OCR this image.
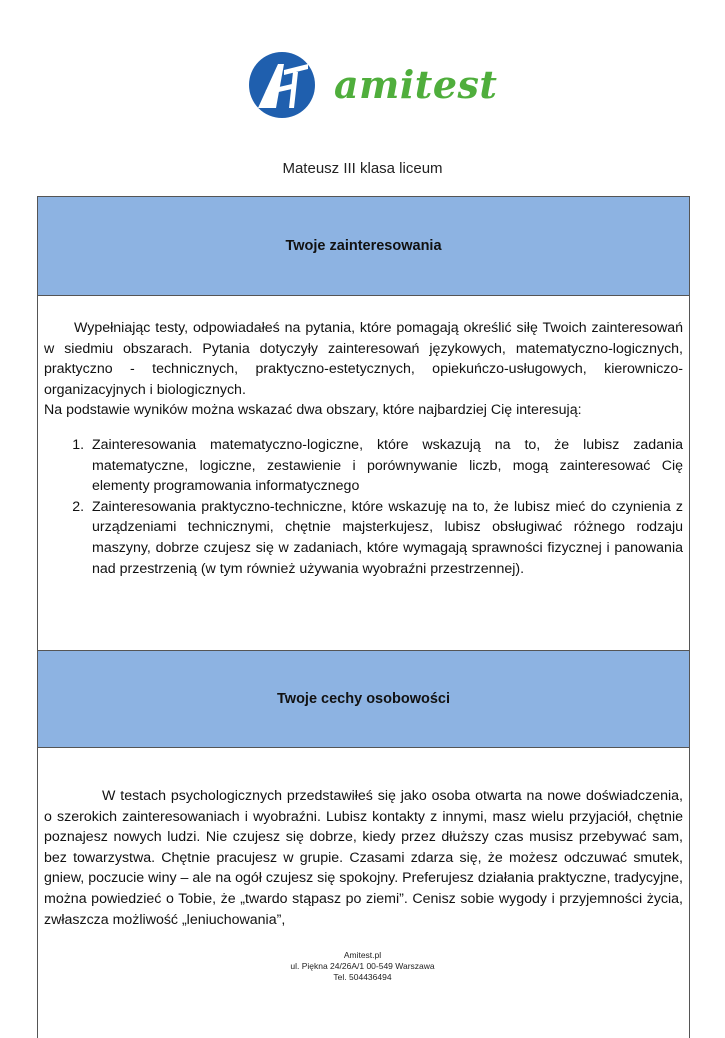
amitest
Mateusz III klasa liceum
Twoje zainteresowania

Wypełniając testy, odpowiadałeś na pytania, które pomagają określić siłę Twoich zainteresowań w siedmiu obszarach. Pytania dotyczyły zainteresowań językowych, matematyczno-logicznych, praktyczno - technicznych, praktyczno-estetycznych, opiekuńczo-usługowych, kierowniczo-organizacyjnych i biologicznych.

Na podstawie wyników można wskazać dwa obszary, które najbardziej Cię interesują:

1. Zainteresowania matematyczno-logiczne, które wskazują na to, że lubisz zadania matematyczne, logiczne, zestawienie i porównywanie liczb, mogą zainteresować Cię elementy programowania informatycznego
2. Zainteresowania praktyczno-techniczne, które wskazuję na to, że lubisz mieć do czynienia z urządzeniami technicznymi, chętnie majsterkujesz, lubisz obsługiwać różnego rodzaju maszyny, dobrze czujesz się w zadaniach, które wymagają sprawności fizycznej i panowania nad przestrzenią (w tym również używania wyobraźni przestrzennej).
Twoje cechy osobowości

W testach psychologicznych przedstawiłeś się jako osoba otwarta na nowe doświadczenia, o szerokich zainteresowaniach i wyobraźni. Lubisz kontakty z innymi, masz wielu przyjaciół, chętnie poznajesz nowych ludzi. Nie czujesz się dobrze, kiedy przez dłuższy czas musisz przebywać sam, bez towarzystwa. Chętnie pracujesz w grupie. Czasami zdarza się, że możesz odczuwać smutek, gniew, poczucie winy – ale na ogół czujesz się spokojny. Preferujesz działania praktyczne, tradycyjne, można powiedzieć o Tobie, że „twardo stąpasz po ziemi”. Cenisz sobie wygody i przyjemności życia, zwłaszcza możliwość „leniuchowania”,

Amitest.pl
ul. Piękna 24/26A/1 00-549 Warszawa
Tel. 504436494
